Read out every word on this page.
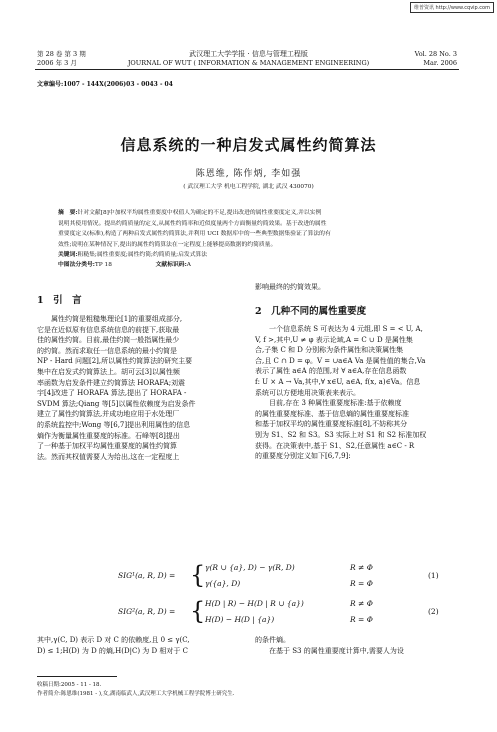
维普资讯 http://www.cqvip.com
第 28 卷 第 3 期
2006 年 3 月
武汉理工大学学报 · 信息与管理工程版
JOURNAL OF WUT ( INFORMATION & MANAGEMENT ENGINEERING)
Vol. 28 No. 3
Mar. 2006
文章编号:1007 - 144X(2006)03 - 0043 - 04
信息系统的一种启发式属性约简算法
陈恩维, 陈作炳, 李如强
( 武汉理工大学 机电工程学院, 湖北 武汉 430070)
摘　要:针对文献[8]中加权平均属性重要度中权值人为确定的不足,提出改进的属性重要度定义,并以实例
说明其使用情况。提出约简质量的定义,从属性约简率和近似度量两个方面衡量约简效果。基于改进的属性
重要度定义(标准),构造了两种启发式属性约简算法,并利用 UCI 数据库中的一些典型数据集验证了算法的有
效性;说明在某种情况下,提出的属性约简算法在一定程度上能够提高数据的约简质量。
关键词:粗糙集;属性重要度;属性约简;约简质量;启发式算法
中图法分类号:TP 18	文献标识码:A
1　引　言
属性约简是粗糙集理论[1]的重要组成部分,
它是在近似原有信息系统信息的前提下,获取最
佳的属性约简。目前,最佳约简一般指属性最少
的约简。然而求取任一信息系统的最小约简是
NP - Hard 问题[2],所以属性约简算法的研究主要
集中在启发式约简算法上。胡可云[3]以属性频
率函数为启发条件建立约简算法 HORAFA;刘震
宇[4]改进了 HORAFA 算法,提出了 HORAFA -
SVDM 算法;Qiang 等[5]以属性依赖度为启发条件
建立了属性约简算法,并成功地应用于水处理厂
的系统监控中;Wong 等[6,7]提出利用属性的信息
熵作为衡量属性重要度的标准。石峰等[8]提出
了一种基于加权平均属性重要度的属性约简算
法。然而其权值需要人为给出,这在一定程度上
影响最终的约简效果。
2　几种不同的属性重要度
一个信息系统 S 可表达为 4 元组,即 S = < U, A,
V, f >,其中,U ≠ φ 表示论域,A = C ∪ D 是属性集
合,子集 C 和 D 分别称为条件属性和决策属性集
合,且 C ∩ D = φ。V = ∪a∈A Va 是属性值的集合,Va
表示了属性 a∈A 的范围,对 ∀ a∈A,存在信息函数
f: U × A → Va,其中,∀ x∈U, a∈A, f(x, a)∈Va。信息
系统可以方便地用决策表来表示。
目前,存在 3 种属性重要度标准:基于依赖度
的属性重要度标准、基于信息熵的属性重要度标准
和基于加权平均的属性重要度标准[8],不妨称其分
别为 S1、S2 和 S3。S3 实际上对 S1 和 S2 标准加权
获得。在决策表中,基于 S1、S2,任意属性 a∈C - R
的重要度分别定义如下[6,7,9]:
SIG¹(a, R, D) = { γ(R ∪ {a}, D) − γ(R, D)	R ≠ Φ
γ({a}, D)	R = Φ
(1)
SIG²(a, R, D) = { H(D | R) − H(D | R ∪ {a})	R ≠ Φ
H(D) − H(D | {a})	R = Φ
(2)
其中,γ(C, D) 表示 D 对 C 的依赖度,且 0 ≤ γ(C,
D) ≤ 1;H(D) 为 D 的熵,H(D|C) 为 D 相对于 C
的条件熵。
在基于 S3 的属性重要度计算中,需要人为设
收稿日期:2005 - 11 - 18.
作者简介:陈恩维(1981 - ),女,湖南临武人,武汉理工大学机械工程学院博士研究生.
